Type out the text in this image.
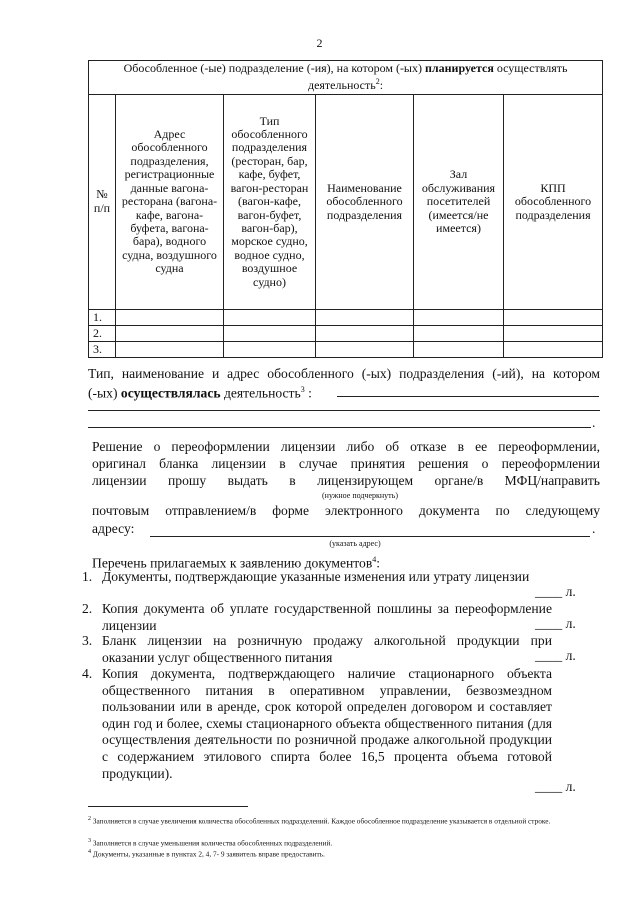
2
Обособленное (-ые) подразделение (-ия), на котором (-ых) планируется осуществлять деятельность$^2$:					
№ п/п	Адрес обособленного подразделения, регистрационные данные вагона-ресторана (вагона-кафе, вагона-буфета, вагона-бара), водного судна, воздушного судна	Тип обособленного подразделения (ресторан, бар, кафе, буфет, вагон-ресторан (вагон-кафе, вагон-буфет, вагон-бар), морское судно, водное судно, воздушное судно)	Наименование обособленного подразделения	Зал обслуживания посетителей (имеется/не имеется)	КПП обособленного подразделения
1.					
2.					
3.					
Тип, наименование и адрес обособленного (-ых) подразделения (-ий), на котором
(-ых) осуществлялась деятельность$^3$ :
.
Решение о переоформлении лицензии либо об отказе в ее переоформлении,
оригинал бланка лицензии в случае принятия решения о переоформлении
лицензии прошу выдать в лицензирующем органе/в МФЦ/направить
(нужное подчеркнуть)
почтовым отправлением/в форме электронного документа по следующему
адресу:	.
(указать адрес)
Перечень прилагаемых к заявлению документов$^4$:
1. Документы, подтверждающие указанные изменения или утрату лицензии
____ л.
2. Копия документа об уплате государственной пошлины за переоформление лицензии	____ л.
3. Бланк лицензии на розничную продажу алкогольной продукции при оказании услуг общественного питания	____ л.
4. Копия документа, подтверждающего наличие стационарного объекта общественного питания в оперативном управлении, безвозмездном пользовании или в аренде, срок которой определен договором и составляет один год и более, схемы стационарного объекта общественного питания (для осуществления деятельности по розничной продаже алкогольной продукции с содержанием этилового спирта более 16,5 процента объема готовой продукции).
____ л.
$^2$ Заполняется в случае увеличения количества обособленных подразделений. Каждое обособленное подразделение указывается в отдельной строке.
$^3$ Заполняется в случае уменьшения количества обособленных подразделений.
$^4$ Документы, указанные в пунктах 2, 4, 7- 9 заявитель вправе предоставить.
